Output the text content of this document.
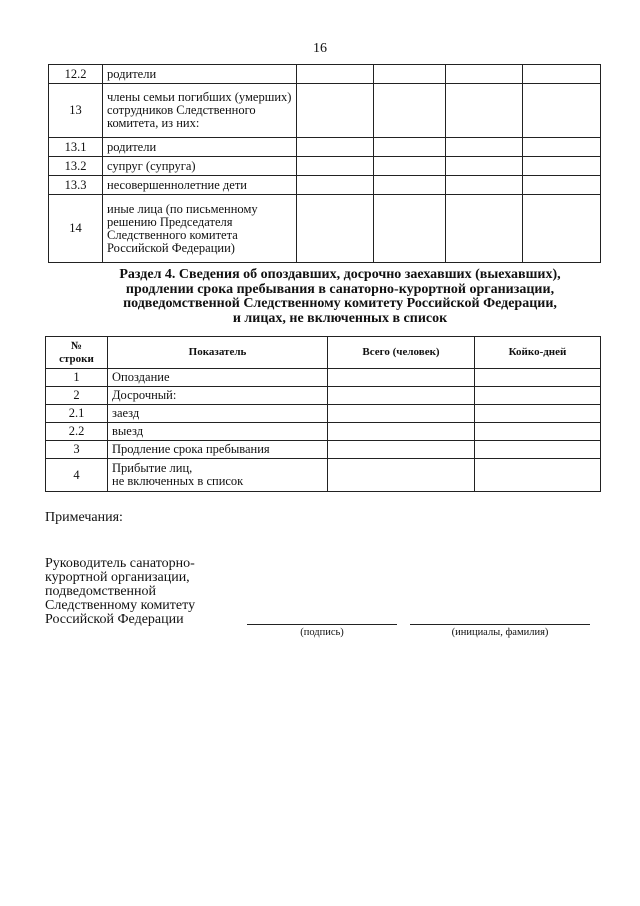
16
12.2	родители				
13	члены семьи погибших (умерших) сотрудников Следственного комитета, из них:				
13.1	родители				
13.2	супруг (супруга)				
13.3	несовершеннолетние дети				
14	иные лица (по письменному решению Председателя Следственного комитета Российской Федерации)				
Раздел 4. Сведения об опоздавших, досрочно заехавших (выехавших),
продлении срока пребывания в санаторно-курортной организации,
подведомственной Следственному комитету Российской Федерации,
и лицах, не включенных в список
№
строки	Показатель	Всего (человек)	Койко-дней
1	Опоздание		
2	Досрочный:		
2.1	заезд		
2.2	выезд		
3	Продление срока пребывания		
4	Прибытие лиц,
не включенных в список		

Примечания:
Руководитель санаторно-
курортной организации,
подведомственной
Следственному комитету
Российской Федерации
(подпись)	(инициалы, фамилия)
